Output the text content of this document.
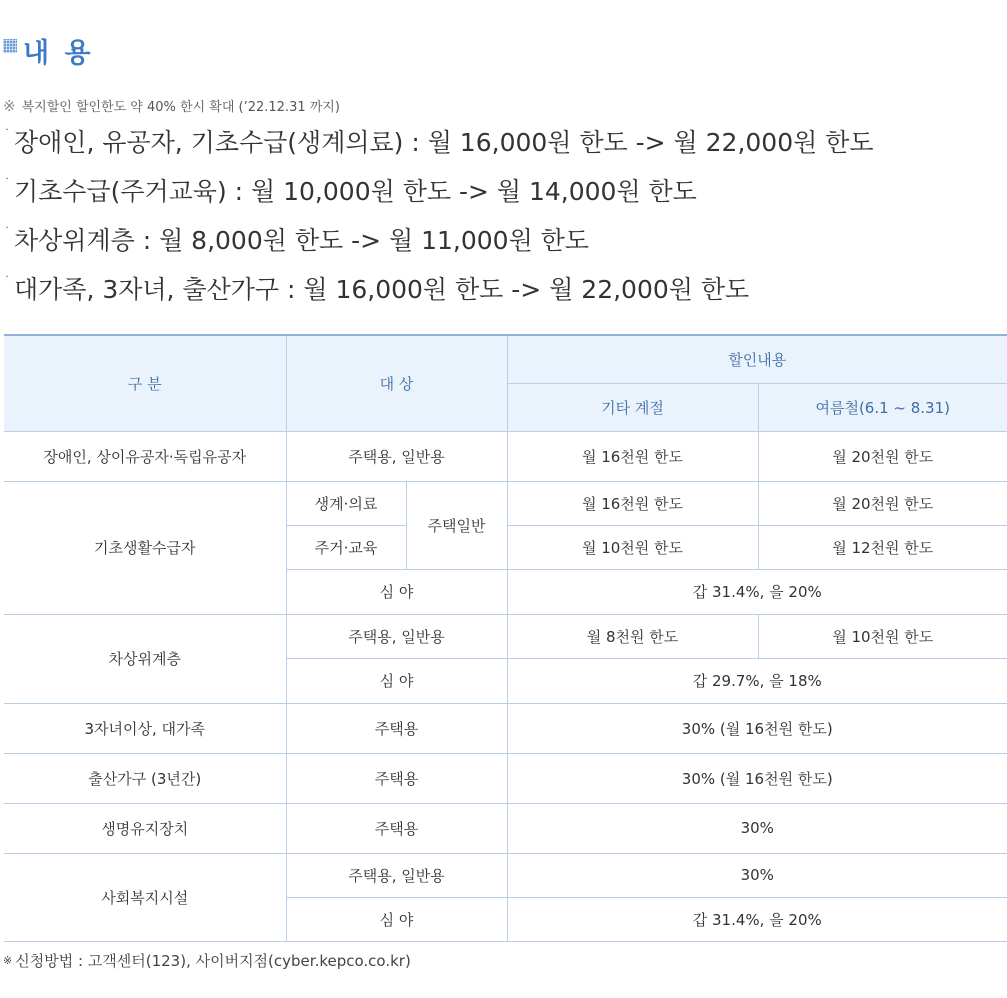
내 용
※ 복지할인 할인한도 약 40% 한시 확대 (’22.12.31 까지)
˙ 장애인, 유공자, 기초수급(생계의료) : 월 16,000원 한도 -> 월 22,000원 한도
˙ 기초수급(주거교육) : 월 10,000원 한도 -> 월 14,000원 한도
˙ 차상위계층 : 월 8,000원 한도 -> 월 11,000원 한도
˙ 대가족, 3자녀, 출산가구 : 월 16,000원 한도 -> 월 22,000원 한도
구 분	대 상		할인내용	
			기타 계절	여름철(6.1 ~ 8.31)
장애인, 상이유공자·독립유공자	주택용, 일반용		월 16천원 한도	월 20천원 한도
기초생활수급자	생계·의료	주택일반	월 16천원 한도	월 20천원 한도
	주거·교육		월 10천원 한도	월 12천원 한도
	심 야		갑 31.4%, 을 20%	
차상위계층	주택용, 일반용		월 8천원 한도	월 10천원 한도
	심 야		갑 29.7%, 을 18%	
3자녀이상, 대가족	주택용		30% (월 16천원 한도)	
출산가구 (3년간)	주택용		30% (월 16천원 한도)	
생명유지장치	주택용		30%	
사회복지시설	주택용, 일반용		30%	
	심 야		갑 31.4%, 을 20%	
※ 신청방법 : 고객센터(123), 사이버지점(cyber.kepco.co.kr)
